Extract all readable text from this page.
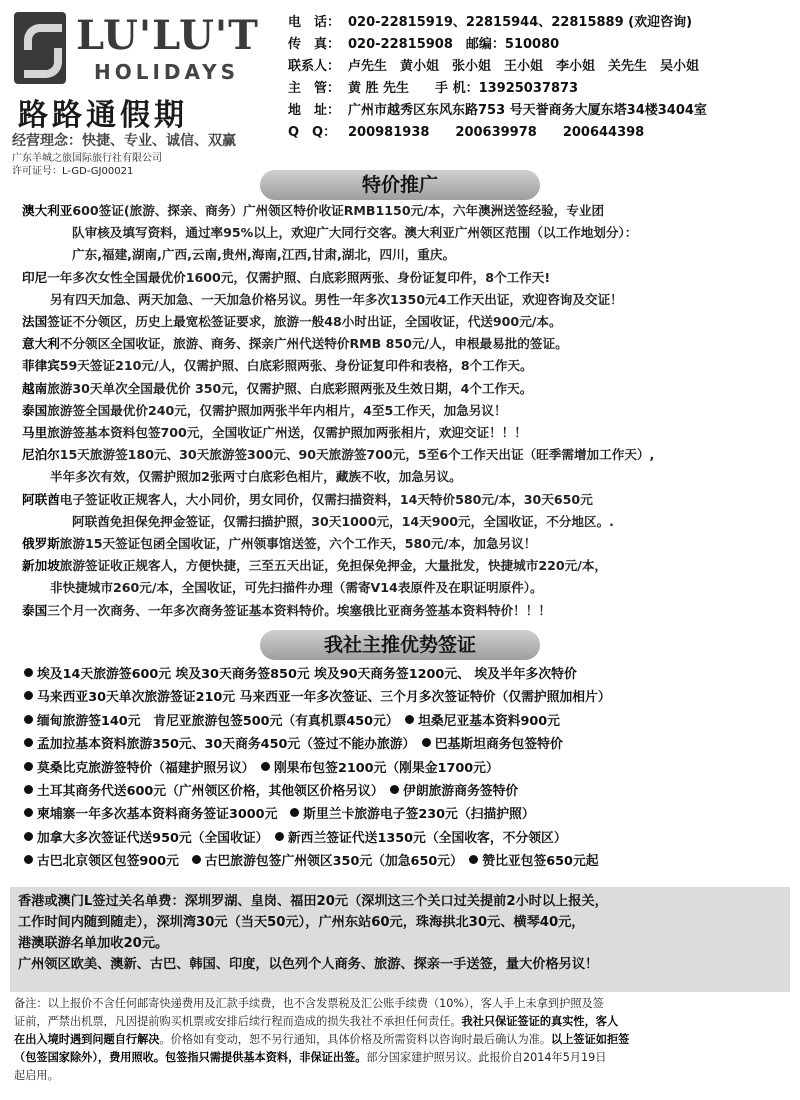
LU'LU'T
HOLIDAYS
路路通假期
经营理念：快捷、专业、诚信、双赢
广东羊城之旅国际旅行社有限公司
许可证号：L-GD-GJ00021
电　话： 020-22815919、22815944、22815889 (欢迎咨询)
传　真： 020-22815908　邮编：510080
联系人： 卢先生　黄小姐　张小姐　王小姐　李小姐　关先生　吴小姐
主　管： 黄 胜 先生　　手 机：13925037873
地　址： 广州市越秀区东风东路753 号天誉商务大厦东塔34楼3404室
Q　Q： 200981938　　200639978　　200644398
特价推广

澳大利亚600签证(旅游、探亲、商务）广州领区特价收证RMB1150元/本，六年澳洲送签经验，专业团

队审核及填写资料，通过率95%以上，欢迎广大同行交客。澳大利亚广州领区范围（以工作地划分）：

广东,福建,湖南,广西,云南,贵州,海南,江西,甘肃,湖北，四川，重庆。

印尼一年多次女性全国最优价1600元，仅需护照、白底彩照两张、身份证复印件，8个工作天!

另有四天加急、两天加急、一天加急价格另议。男性一年多次1350元4工作天出证，欢迎咨询及交证！

法国签证不分领区，历史上最宽松签证要求，旅游一般48小时出证，全国收证，代送900元/本。

意大利不分领区全国收证，旅游、商务、探亲广州代送特价RMB 850元/人，申根最易批的签证。

菲律宾59天签证210元/人，仅需护照、白底彩照两张、身份证复印件和表格，8个工作天。

越南旅游30天单次全国最优价 350元，仅需护照、白底彩照两张及生效日期，4个工作天。

泰国旅游签全国最优价240元，仅需护照加两张半年内相片，4至5工作天，加急另议！

马里旅游签基本资料包签700元，全国收证广州送，仅需护照加两张相片，欢迎交证！！！

尼泊尔15天旅游签180元、30天旅游签300元、90天旅游签700元，5至6个工作天出证（旺季需增加工作天）,

半年多次有效，仅需护照加2张两寸白底彩色相片，藏族不收，加急另议。

阿联酋电子签证收正规客人，大小同价，男女同价，仅需扫描资料，14天特价580元/本，30天650元

阿联酋免担保免押金签证，仅需扫描护照，30天1000元，14天900元，全国收证，不分地区。.

俄罗斯旅游15天签证包函全国收证，广州领事馆送签，六个工作天，580元/本，加急另议！

新加坡旅游签证收正规客人，方便快捷，三至五天出证，免担保免押金，大量批发，快捷城市220元/本，

非快捷城市260元/本，全国收证，可先扫描件办理（需寄V14表原件及在职证明原件）。

泰国三个月一次商务、一年多次商务签证基本资料特价。埃塞俄比亚商务签基本资料特价！！！

我社主推优势签证

埃及14天旅游签600元 埃及30天商务签850元 埃及90天商务签1200元、 埃及半年多次特价

马来西亚30天单次旅游签证210元 马来西亚一年多次签证、三个月多次签证特价（仅需护照加相片）

缅甸旅游签140元　肯尼亚旅游包签500元（有真机票450元）　 坦桑尼亚基本资料900元

孟加拉基本资料旅游350元、30天商务450元（签过不能办旅游）　 巴基斯坦商务包签特价

莫桑比克旅游签特价（福建护照另议）　 刚果布包签2100元（刚果金1700元）

土耳其商务代送600元（广州领区价格，其他领区价格另议）　 伊朗旅游商务签特价

柬埔寨一年多次基本资料商务签证3000元　 斯里兰卡旅游电子签230元（扫描护照）

加拿大多次签证代送950元（全国收证）　 新西兰签证代送1350元（全国收客，不分领区）

古巴北京领区包签900元　 古巴旅游包签广州领区350元（加急650元）　 赞比亚包签650元起

香港或澳门L签过关名单费：深圳罗湖、皇岗、福田20元（深圳这三个关口过关提前2小时以上报关，

工作时间内随到随走），深圳湾30元（当天50元），广州东站60元，珠海拱北30元、横琴40元，

港澳联游名单加收20元。

广州领区欧美、澳新、古巴、韩国、印度，以色列个人商务、旅游、探亲一手送签，量大价格另议！

备注：以上报价不含任何邮寄快递费用及汇款手续费，也不含发票税及汇公账手续费（10%），客人手上未拿到护照及签

证前，严禁出机票，凡因提前购买机票或安排后续行程而造成的损失我社不承担任何责任。我社只保证签证的真实性，客人

在出入境时遇到问题自行解决。价格如有变动，恕不另行通知，具体价格及所需资料以咨询时最后确认为准。以上签证如拒签

（包签国家除外），费用照收。包签指只需提供基本资料，非保证出签。部分国家建护照另议。此报价自2014年5月19日

起启用。
